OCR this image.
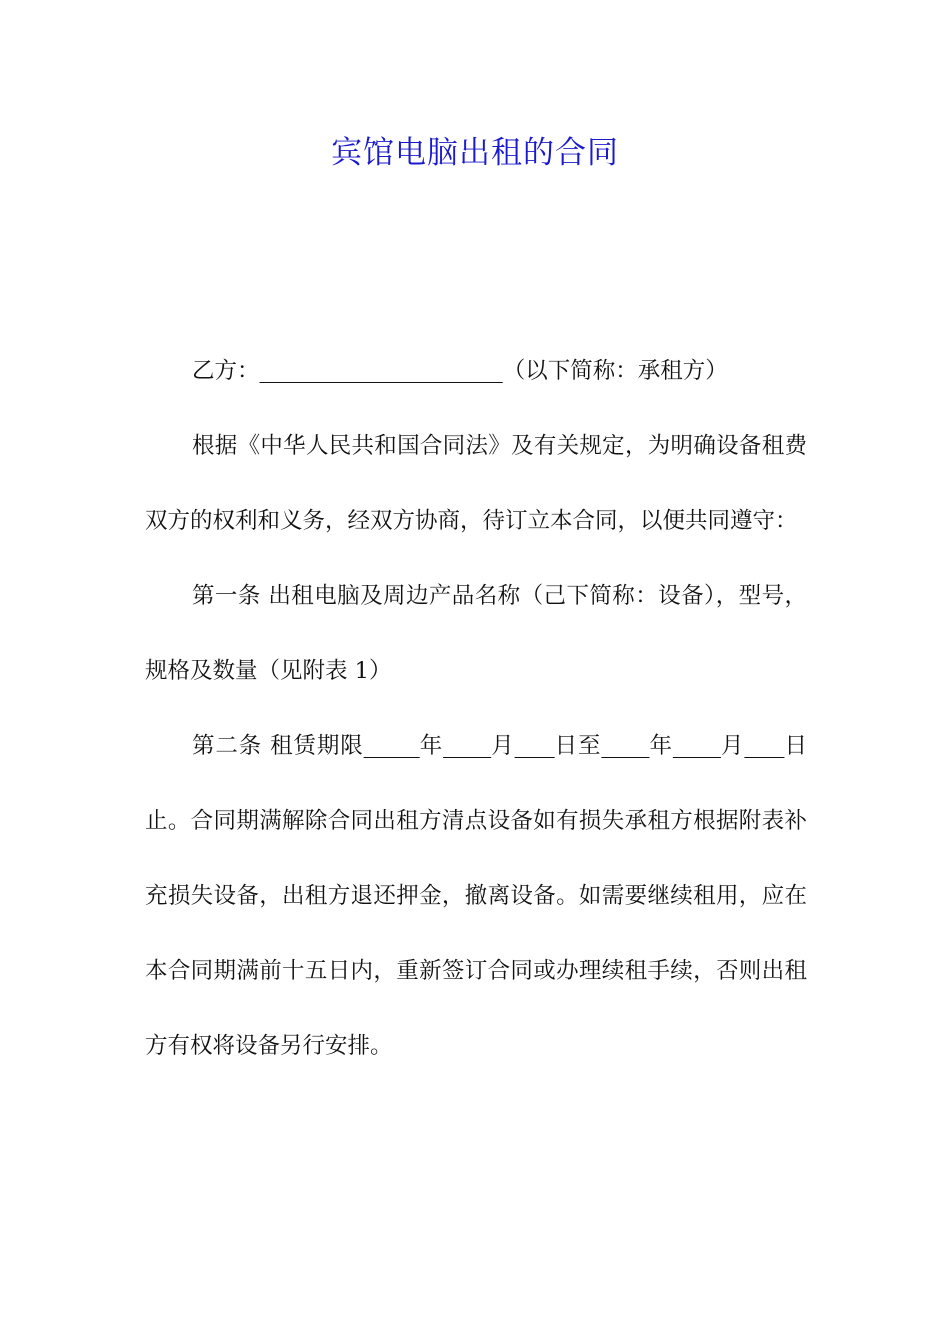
宾馆电脑出租的合同

乙方：	（以下简称：承租方）

根据《中华人民共和国合同法》及有关规定，为明确设备租费双方的权利和义务，经双方协商，待订立本合同，以便共同遵守：

第一条 出租电脑及周边产品名称（己下简称：设备），型号，规格及数量（见附表 1）

第二条 租赁期限 年 月 日至 年 月 日止。合同期满解除合同出租方清点设备如有损失承租方根据附表补充损失设备，出租方退还押金，撤离设备。如需要继续租用，应在本合同期满前十五日内，重新签订合同或办理续租手续，否则出租方有权将设备另行安排。
